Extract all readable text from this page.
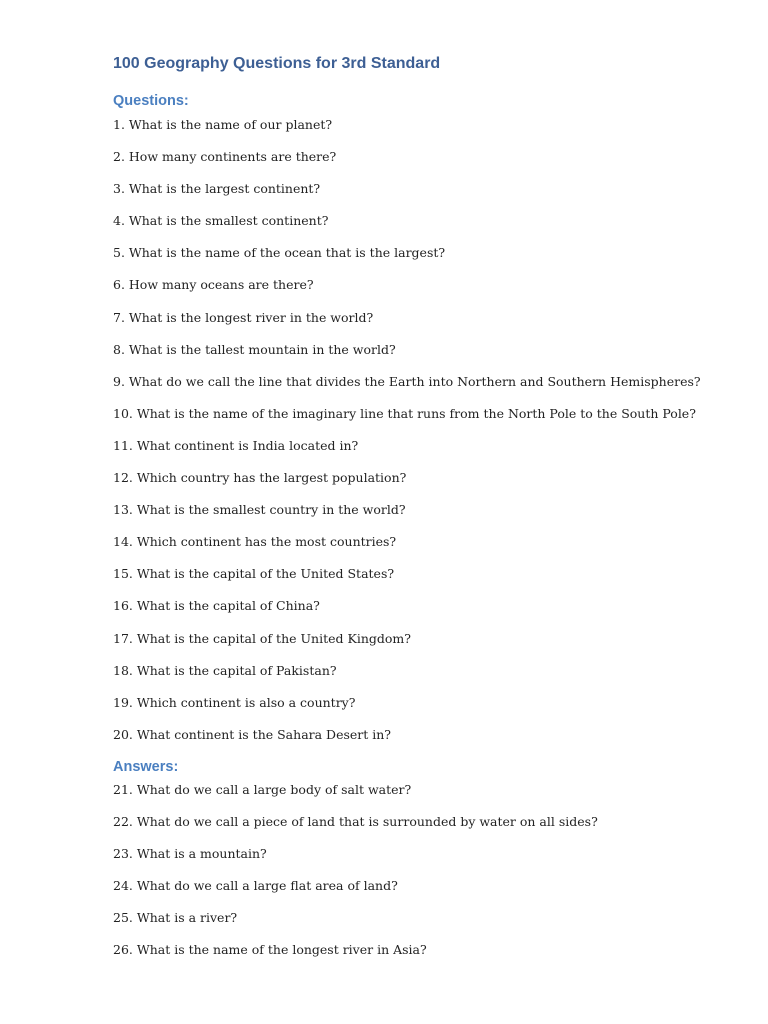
100 Geography Questions for 3rd Standard
Questions:
1. What is the name of our planet?
2. How many continents are there?
3. What is the largest continent?
4. What is the smallest continent?
5. What is the name of the ocean that is the largest?
6. How many oceans are there?
7. What is the longest river in the world?
8. What is the tallest mountain in the world?
9. What do we call the line that divides the Earth into Northern and Southern Hemispheres?
10. What is the name of the imaginary line that runs from the North Pole to the South Pole?
11. What continent is India located in?
12. Which country has the largest population?
13. What is the smallest country in the world?
14. Which continent has the most countries?
15. What is the capital of the United States?
16. What is the capital of China?
17. What is the capital of the United Kingdom?
18. What is the capital of Pakistan?
19. Which continent is also a country?
20. What continent is the Sahara Desert in?
Answers:
21. What do we call a large body of salt water?
22. What do we call a piece of land that is surrounded by water on all sides?
23. What is a mountain?
24. What do we call a large flat area of land?
25. What is a river?
26. What is the name of the longest river in Asia?
